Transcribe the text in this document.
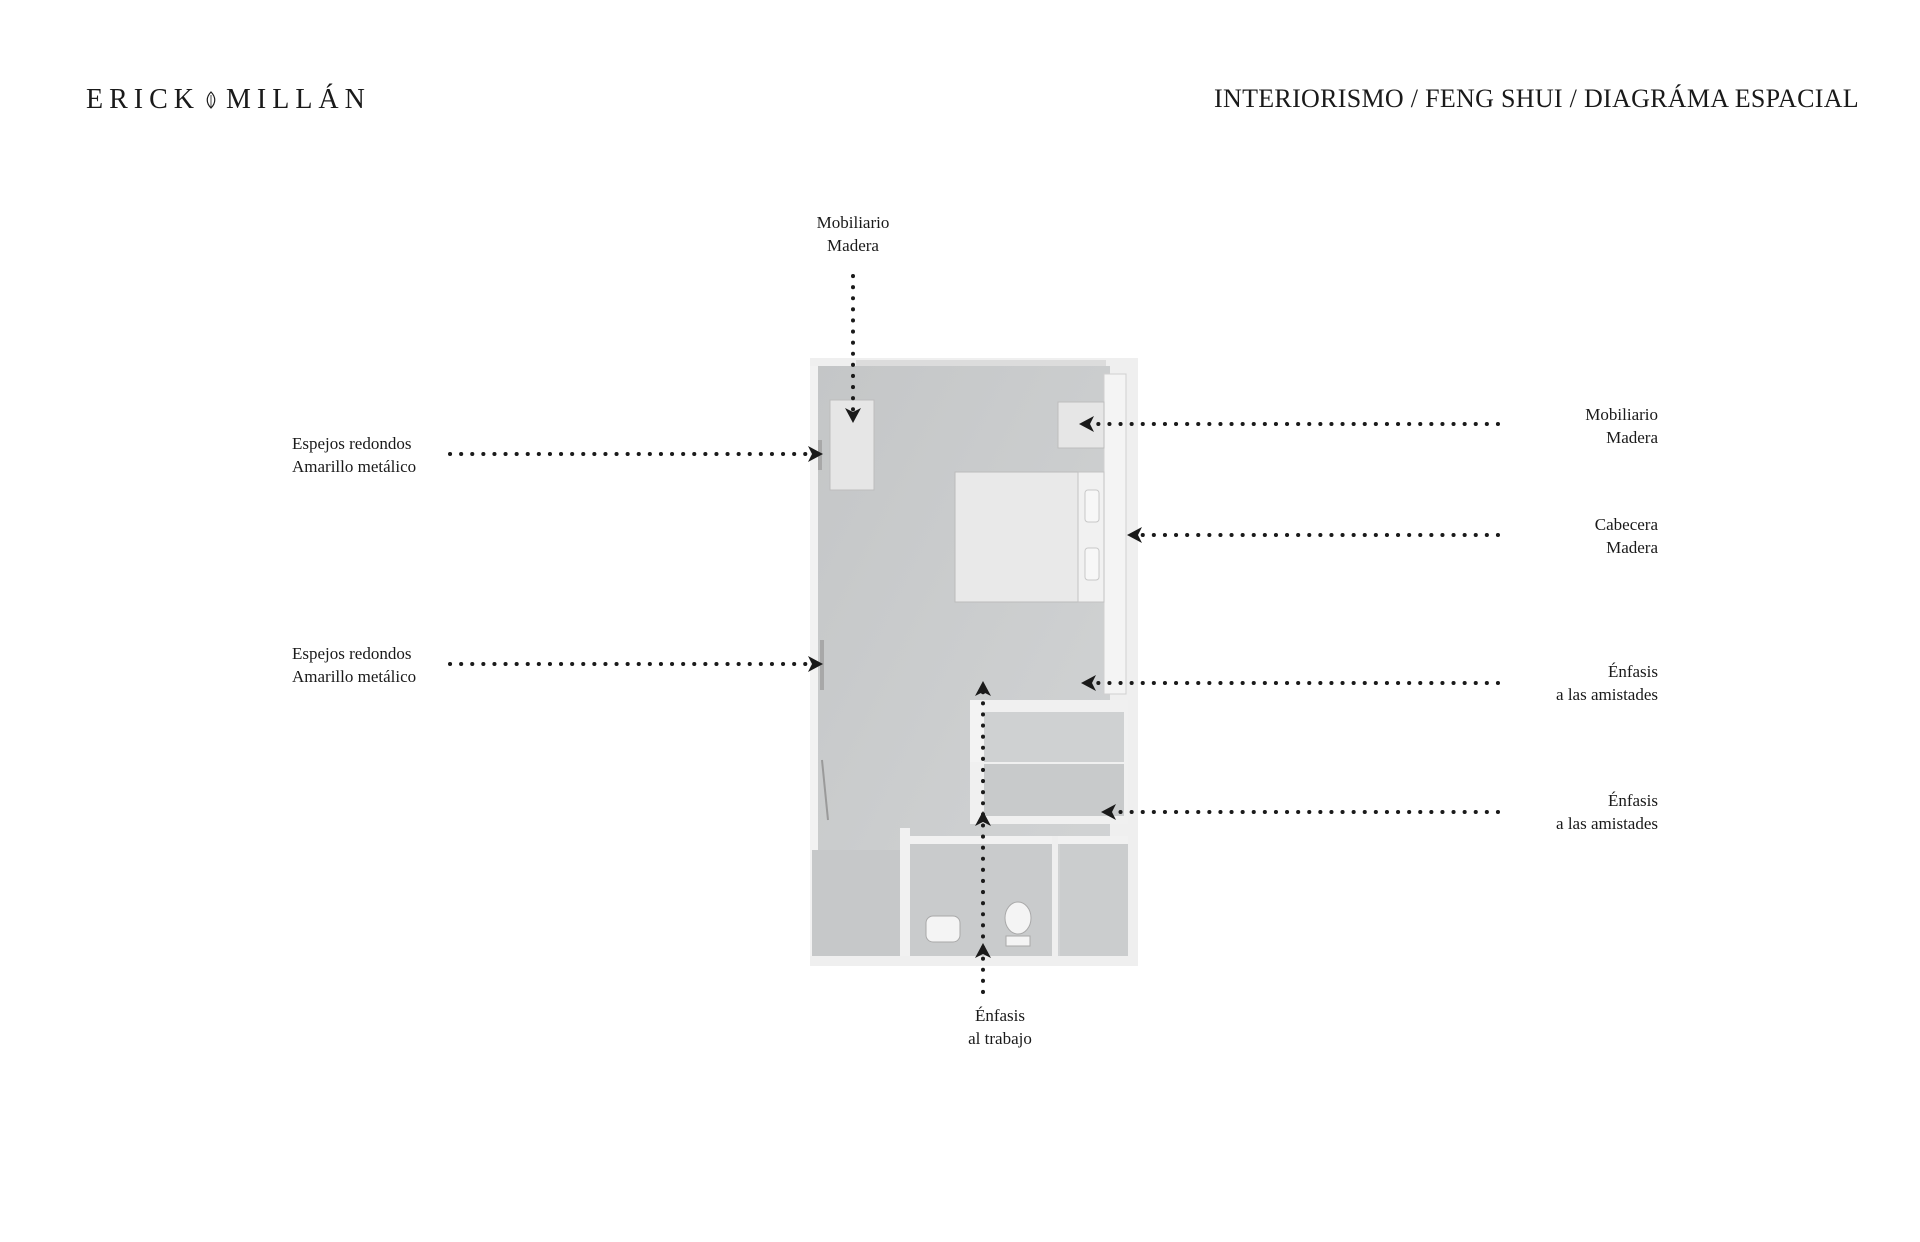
ERICK MILLÁN	INTERIORISMO / FENG SHUI / DIAGRÁMA ESPACIAL
Mobiliario
Madera
Espejos redondos
Amarillo metálico
Espejos redondos
Amarillo metálico
Mobiliario
Madera
Cabecera
Madera
Énfasis
a las amistades
Énfasis
a las amistades
Énfasis
al trabajo
